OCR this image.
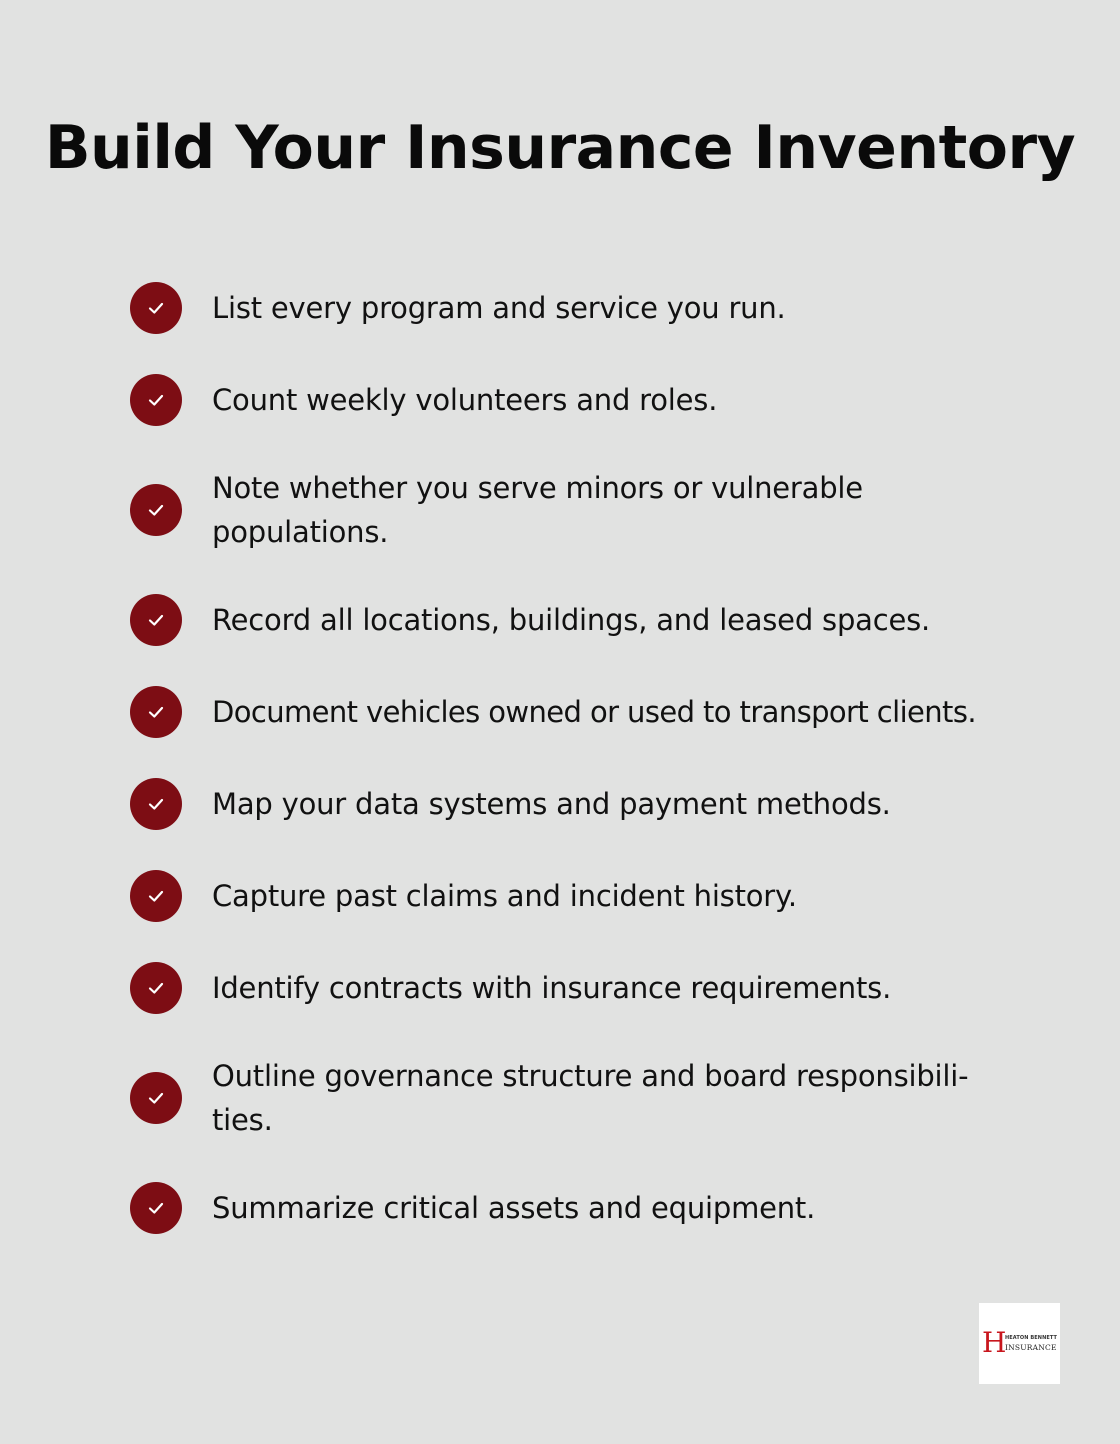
Build Your Insurance Inventory
List every program and service you run.
Count weekly volunteers and roles.
Note whether you serve minors or vulnerable populations.
Record all locations, buildings, and leased spaces.
Document vehicles owned or used to transport clients.
Map your data systems and payment methods.
Capture past claims and incident history.
Identify contracts with insurance requirements.
Outline governance structure and board responsibili-ties.
Summarize critical assets and equipment.
H
HEATON BENNETT
INSURANCE
